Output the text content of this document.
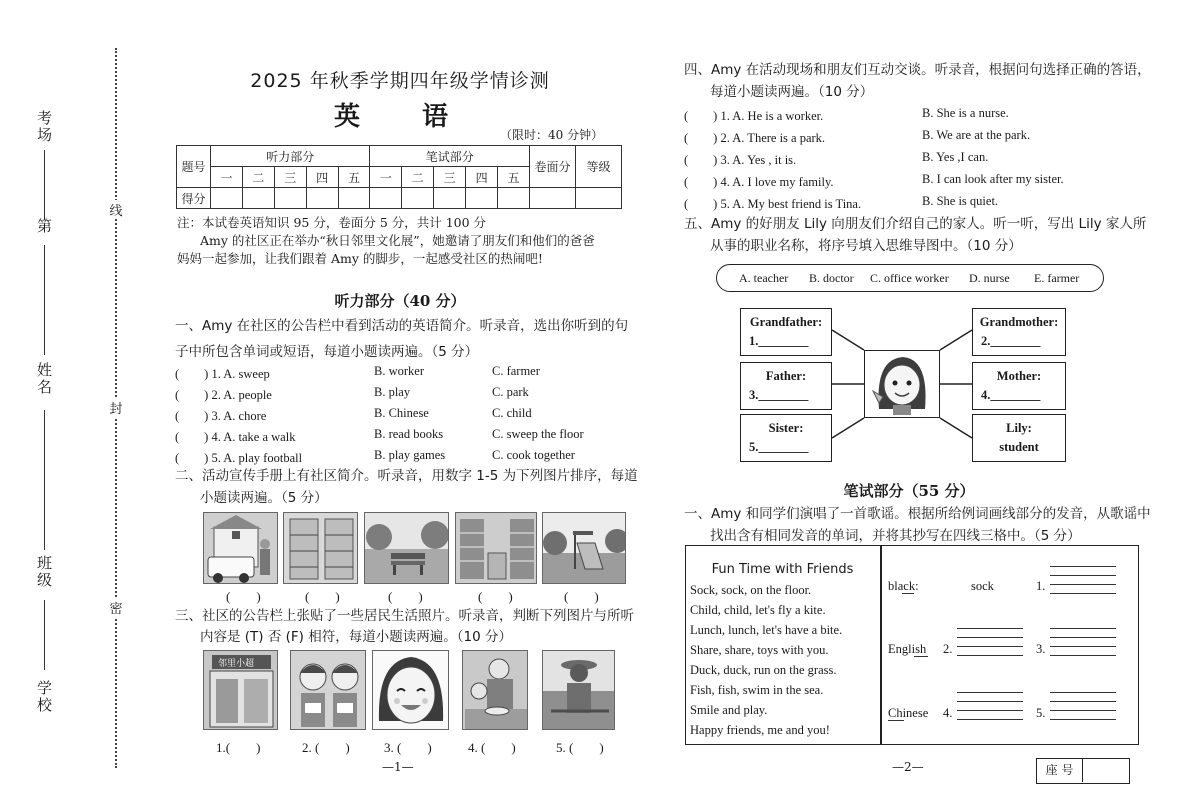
考场
第
姓名
班级
学校
线
封
密
2025 年秋季学期四年级学情诊测
英　语
（限时：40 分钟）
题号	听力部分					笔试部分					卷面分	等级
	一	二	三	四	五	一	二	三	四	五		
得分												
注：本试卷英语知识 95 分，卷面分 5 分，共计 100 分
Amy 的社区正在举办“秋日邻里文化展”，她邀请了朋友们和他们的爸爸
妈妈一起参加，让我们跟着 Amy 的脚步，一起感受社区的热闹吧!
听力部分（40 分）
一、Amy 在社区的公告栏中看到活动的英语简介。听录音，选出你听到的句
子中所包含单词或短语，每道小题读两遍。（5 分）
(　　) 1. A. sweep	B. worker	C. farmer
(　　) 2. A. people	B. play	C. park
(　　) 3. A. chore	B. Chinese	C. child
(　　) 4. A. take a walk	B. read books	C. sweep the floor
(　　) 5. A. play football	B. play games	C. cook together
二、活动宣传手册上有社区简介。听录音，用数字 1-5 为下列图片排序，每道
小题读两遍。（5 分）
(　　)	(　　)	(　　)	(　　)	(　　)
三、社区的公告栏上张贴了一些居民生活照片。听录音，判断下列图片与所听
内容是 (T) 否 (F) 相符，每道小题读两遍。（10 分）
邻里小超
1.(　　)	2. (　　)	3. (　　)	4. (　　)	5. (　　)
—1—
四、Amy 在活动现场和朋友们互动交谈。听录音，根据问句选择正确的答语，
每道小题读两遍。（10 分）
(　　) 1. A. He is a worker.	B. She is a nurse.
(　　) 2. A. There is a park.	B. We are at the park.
(　　) 3. A. Yes , it is.	B. Yes ,I can.
(　　) 4. A. I love my family.	B. I can look after my sister.
(　　) 5. A. My best friend is Tina.	B. She is quiet.
五、Amy 的好朋友 Lily 向朋友们介绍自己的家人。听一听，写出 Lily 家人所
从事的职业名称，将序号填入思维导图中。（10 分）
A. teacher B. doctor C. office worker D. nurse E. farmer
Grandfather:
1.________
Father:
3.________
Sister:
5.________
Grandmother:
2.________
Mother:
4.________
Lily:
student
笔试部分（55 分）
一、Amy 和同学们演唱了一首歌谣。根据所给例词画线部分的发音，从歌谣中
找出含有相同发音的单词，并将其抄写在四线三格中。（5 分）
Fun Time with Friends
Sock, sock, on the floor.
Child, child, let's fly a kite.
Lunch, lunch, let's have a bite.
Share, share, toys with you.
Duck, duck, run on the grass.
Fish, fish, swim in the sea.
Smile and play.
Happy friends, me and you!
black:	sock	1.
English 2.	3.
Chinese 4.	5.
—2—	座 号
